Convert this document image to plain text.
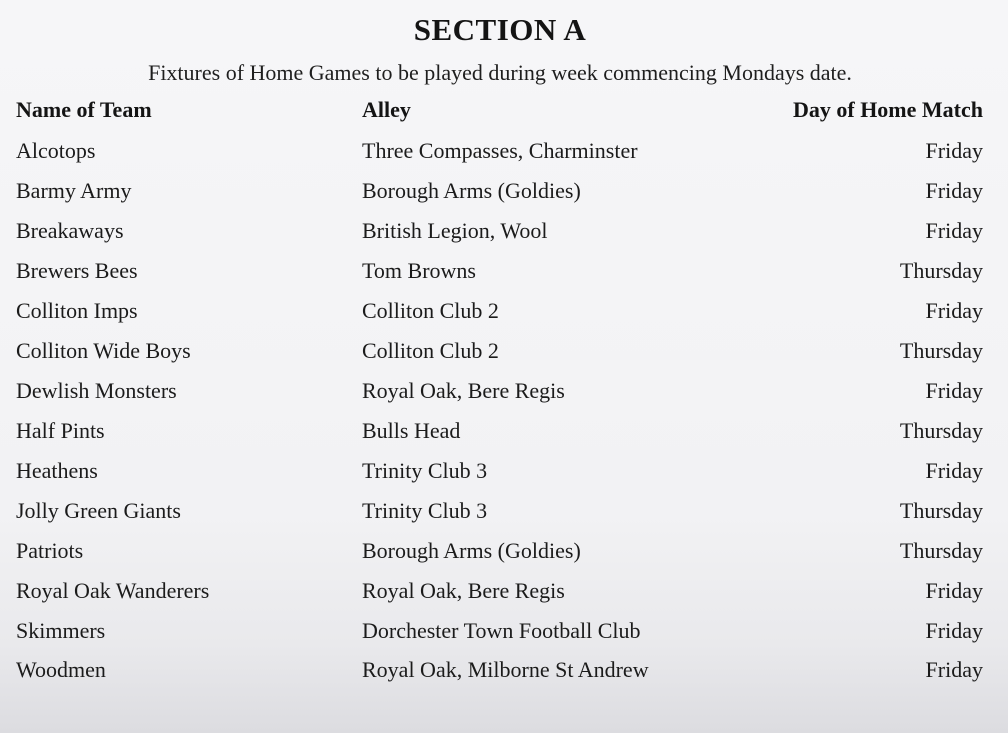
SECTION A
Fixtures of Home Games to be played during week commencing Mondays date.
Name of Team	Alley	Day of Home Match
Alcotops	Three Compasses, Charminster	Friday
Barmy Army	Borough Arms (Goldies)	Friday
Breakaways	British Legion, Wool	Friday
Brewers Bees	Tom Browns	Thursday
Colliton Imps	Colliton Club 2	Friday
Colliton Wide Boys	Colliton Club 2	Thursday
Dewlish Monsters	Royal Oak, Bere Regis	Friday
Half Pints	Bulls Head	Thursday
Heathens	Trinity Club 3	Friday
Jolly Green Giants	Trinity Club 3	Thursday
Patriots	Borough Arms (Goldies)	Thursday
Royal Oak Wanderers	Royal Oak, Bere Regis	Friday
Skimmers	Dorchester Town Football Club	Friday
Woodmen	Royal Oak, Milborne St Andrew	Friday
